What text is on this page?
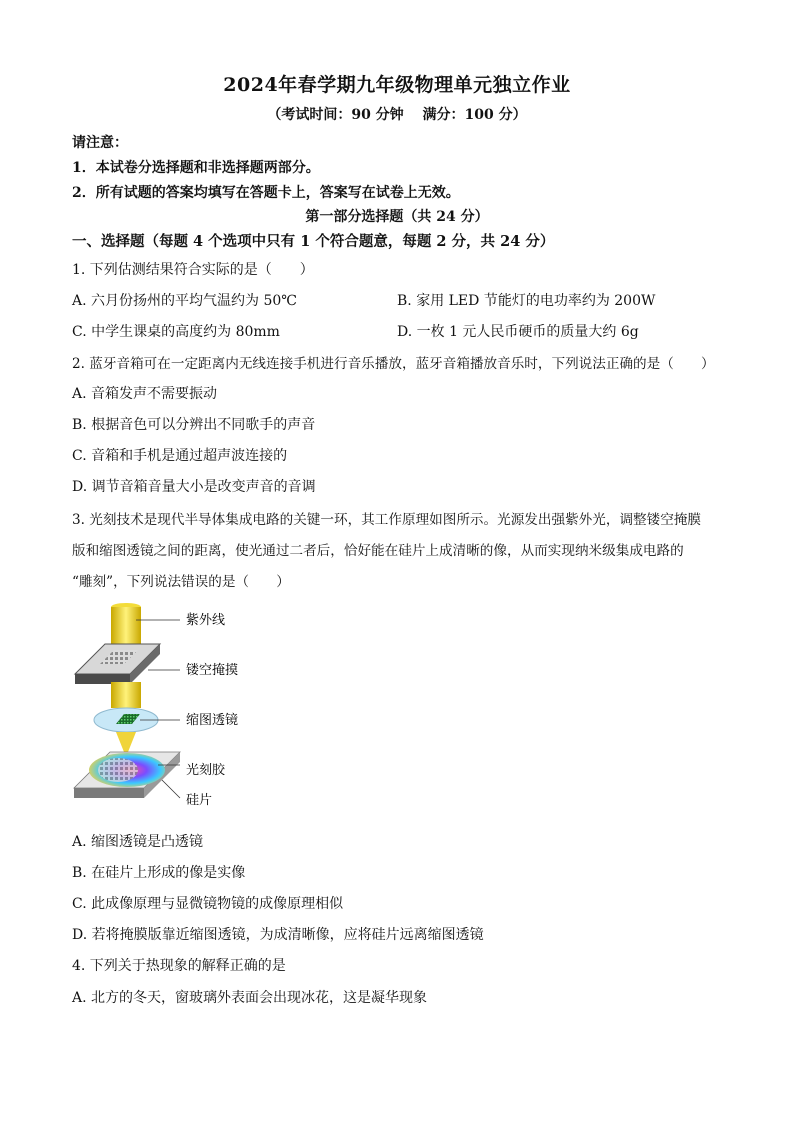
2024年春学期九年级物理单元独立作业
（考试时间：90 分钟　 满分：100 分）
请注意：
1．本试卷分选择题和非选择题两部分。
2．所有试题的答案均填写在答题卡上，答案写在试卷上无效。
第一部分选择题（共 24 分）
一、选择题（每题 4 个选项中只有 1 个符合题意，每题 2 分，共 24 分）
1. 下列估测结果符合实际的是（　　）
A. 六月份扬州的平均气温约为 50℃	B. 家用 LED 节能灯的电功率约为 200W
C. 中学生课桌的高度约为 80mm	D. 一枚 1 元人民币硬币的质量大约 6g
2. 蓝牙音箱可在一定距离内无线连接手机进行音乐播放，蓝牙音箱播放音乐时，下列说法正确的是（　　）
A. 音箱发声不需要振动
B. 根据音色可以分辨出不同歌手的声音
C. 音箱和手机是通过超声波连接的
D. 调节音箱音量大小是改变声音的音调
3. 光刻技术是现代半导体集成电路的关键一环，其工作原理如图所示。光源发出强紫外光，调整镂空掩膜
版和缩图透镜之间的距离，使光通过二者后，恰好能在硅片上成清晰的像，从而实现纳米级集成电路的
“雕刻”，下列说法错误的是（　　）
紫外线
镂空掩摸
缩图透镜
光刻胶
硅片
A. 缩图透镜是凸透镜
B. 在硅片上形成的像是实像
C. 此成像原理与显微镜物镜的成像原理相似
D. 若将掩膜版靠近缩图透镜，为成清晰像，应将硅片远离缩图透镜
4. 下列关于热现象的解释正确的是
A. 北方的冬天，窗玻璃外表面会出现冰花，这是凝华现象
